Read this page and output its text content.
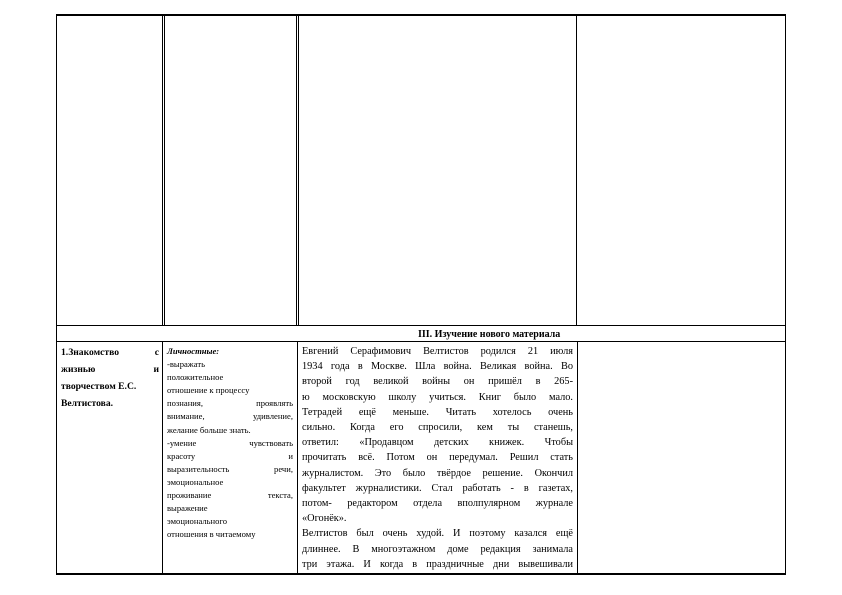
III. Изучение нового материала
1.Знакомство с
жизнью и
творчеством Е.С.
Велтистова.
Личностные:
-выражать
положительное
отношение к процессу
познания, проявлять
внимание, удивление,
желание больше знать.
-умение чувствовать
красоту и
выразительность речи,
эмоциональное
проживание текста,
выражение
эмоционального
отношения в читаемому
Евгений Серафимович Велтистов родился 21 июля
1934 года в Москве. Шла война. Великая война. Во
второй год великой войны он пришёл в 265-
ю московскую школу учиться. Книг было мало.
Тетрадей ещё меньше. Читать хотелось очень
сильно. Когда его спросили, кем ты станешь,
ответил: «Продавцом детских книжек. Чтобы
прочитать всё. Потом он передумал. Решил стать
журналистом. Это было твёрдое решение. Окончил
факультет журналистики. Стал работать - в газетах,
потом- редактором отдела вполпулярном журнале
«Огонёк».
Велтистов был очень худой. И поэтому казался ещё
длиннее. В многоэтажном доме редакция занимала
три этажа. И когда в праздничные дни вывешивали
